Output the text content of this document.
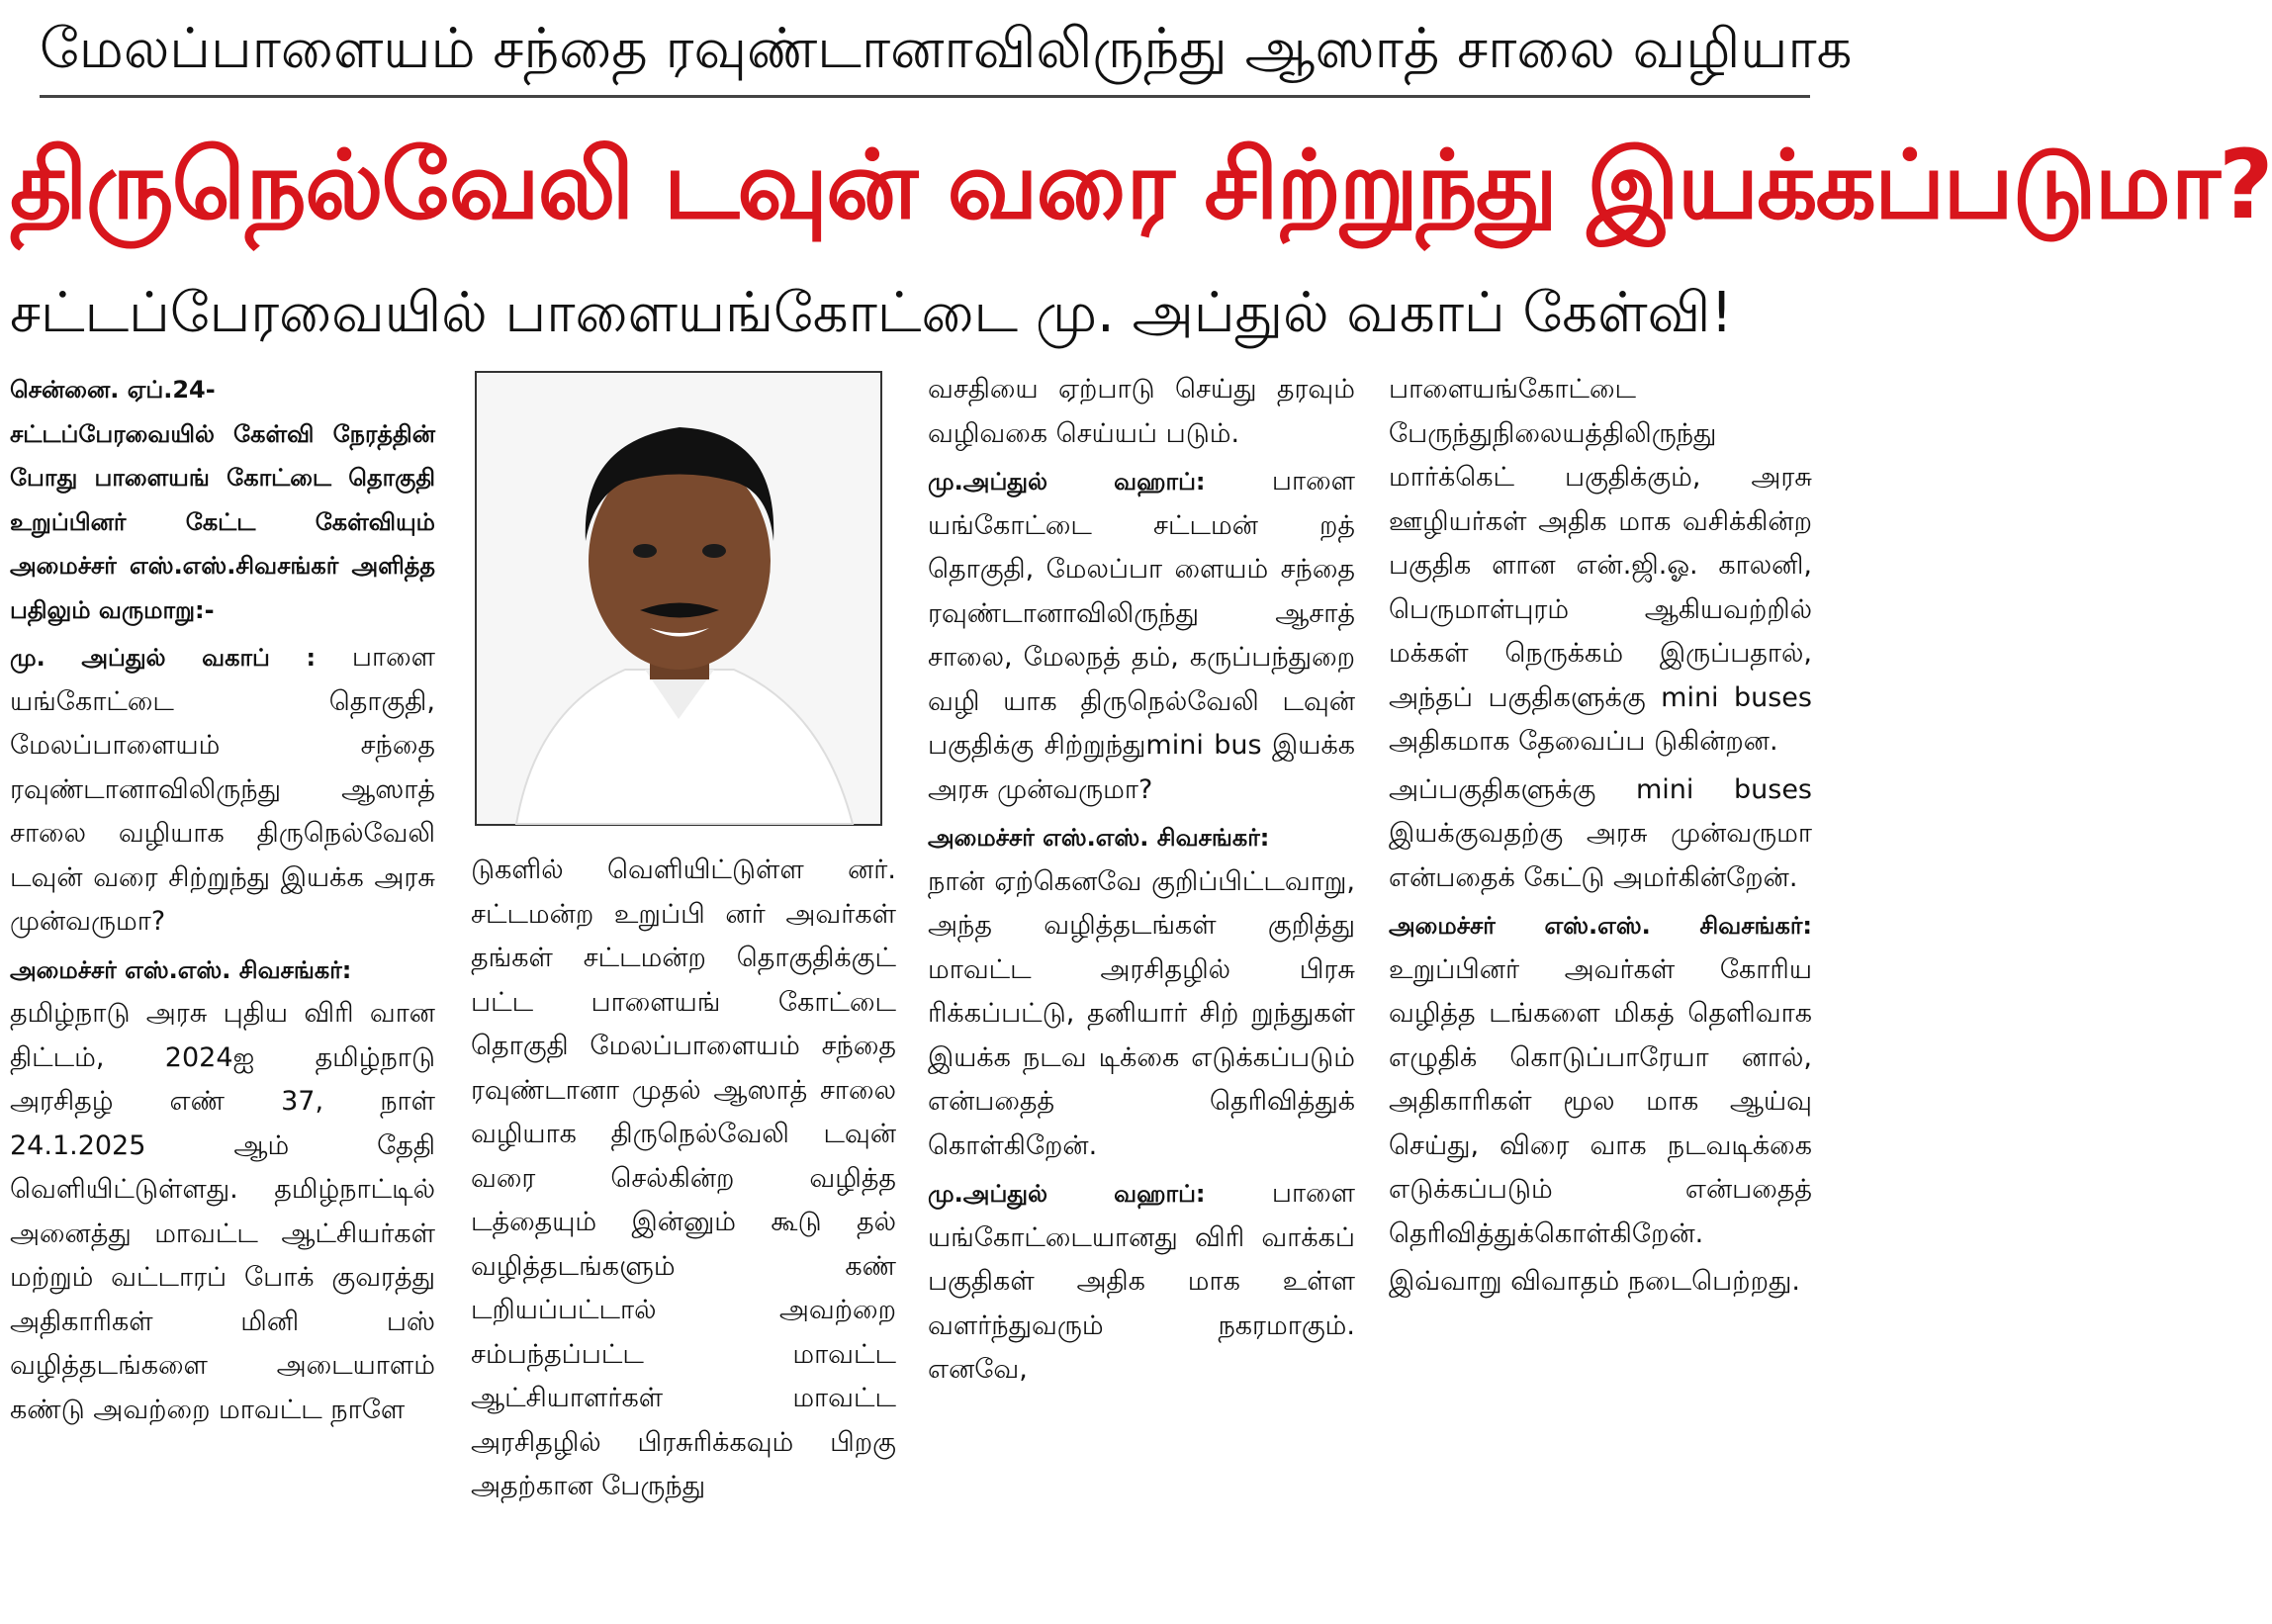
மேலப்பாளையம் சந்தை ரவுண்டானாவிலிருந்து ஆஸாத் சாலை வழியாக
திருநெல்வேலி டவுன் வரை சிற்றுந்து இயக்கப்படுமா?
சட்டப்பேரவையில் பாளையங்கோட்டை மு. அப்துல் வகாப் கேள்வி!

சென்னை. ஏப்.24-

சட்டப்பேரவையில் கேள்வி நேரத்தின் போது பாளையங் கோட்டை தொகுதி உறுப்பினர் கேட்ட கேள்வியும் அமைச்சர் எஸ்.எஸ்.சிவசங்கர் அளித்த பதிலும் வருமாறு:-

மு. அப்துல் வகாப் : பாளை யங்கோட்டை தொகுதி, மேலப்பாளையம் சந்தை ரவுண்டானாவிலிருந்து ஆஸாத் சாலை வழியாக திருநெல்வேலி டவுன் வரை சிற்றுந்து இயக்க அரசு முன்வருமா?

அமைச்சர் எஸ்.எஸ். சிவசங்கர்:

தமிழ்நாடு அரசு புதிய விரி வான திட்டம், 2024ஐ தமிழ்நாடு அரசிதழ் எண் 37, நாள் 24.1.2025 ஆம் தேதி வெளியிட்டுள்ளது. தமிழ்நாட்டில் அனைத்து மாவட்ட ஆட்சியர்கள் மற்றும் வட்டாரப் போக் குவரத்து அதிகாரிகள் மினி பஸ் வழித்தடங்களை அடையாளம் கண்டு அவற்றை மாவட்ட நாளே

டுகளில் வெளியிட்டுள்ள னர். சட்டமன்ற உறுப்பி னர் அவர்கள் தங்கள் சட்டமன்ற தொகுதிக்குட் பட்ட பாளையங் கோட்டை தொகுதி மேலப்பாளையம் சந்தை ரவுண்டானா முதல் ஆஸாத் சாலை வழியாக திருநெல்வேலி டவுன் வரை செல்கின்ற வழித்த டத்தையும் இன்னும் கூடு தல் வழித்தடங்களும் கண் டறியப்பட்டால் அவற்றை சம்பந்தப்பட்ட மாவட்ட ஆட்சியாளர்கள் மாவட்ட அரசிதழில் பிரசுரிக்கவும் பிறகு அதற்கான பேருந்து

வசதியை ஏற்பாடு செய்து தரவும் வழிவகை செய்யப் படும்.

மு.அப்துல் வஹாப்: பாளை யங்கோட்டை சட்டமன் றத் தொகுதி, மேலப்பா ளையம் சந்தை ரவுண்டானாவிலிருந்து ஆசாத் சாலை, மேலநத் தம், கருப்பந்துறை வழி யாக திருநெல்வேலி டவுன் பகுதிக்கு சிற்றுந்துmini bus இயக்க அரசு முன்வருமா?

அமைச்சர் எஸ்.எஸ். சிவசங்கர்:

நான் ஏற்கெனவே குறிப்பிட்டவாறு, அந்த வழித்தடங்கள் குறித்து மாவட்ட அரசிதழில் பிரசு ரிக்கப்பட்டு, தனியார் சிற் றுந்துகள் இயக்க நடவ டிக்கை எடுக்கப்படும் என்பதைத் தெரிவித்துக் கொள்கிறேன்.

மு.அப்துல் வஹாப்: பாளை யங்கோட்டையானது விரி வாக்கப் பகுதிகள் அதிக மாக உள்ள வளர்ந்துவரும் நகரமாகும். எனவே,

பாளையங்கோட்டை பேருந்துநிலையத்திலிருந்து மார்க்கெட் பகுதிக்கும், அரசு ஊழியர்கள் அதிக மாக வசிக்கின்ற பகுதிக ளான என்.ஜி.ஓ. காலனி, பெருமாள்புரம் ஆகியவற்றில் மக்கள் நெருக்கம் இருப்பதால், அந்தப் பகுதிகளுக்கு mini buses அதிகமாக தேவைப்ப டுகின்றன.

அப்பகுதிகளுக்கு mini buses இயக்குவதற்கு அரசு முன்வருமா என்பதைக் கேட்டு அமர்கின்றேன்.

அமைச்சர் எஸ்.எஸ். சிவசங்கர்: உறுப்பினர் அவர்கள் கோரிய வழித்த டங்களை மிகத் தெளிவாக எழுதிக் கொடுப்பாரேயா னால், அதிகாரிகள் மூல மாக ஆய்வு செய்து, விரை வாக நடவடிக்கை எடுக்கப்படும் என்பதைத் தெரிவித்துக்கொள்கிறேன்.

இவ்வாறு விவாதம் நடைபெற்றது.
